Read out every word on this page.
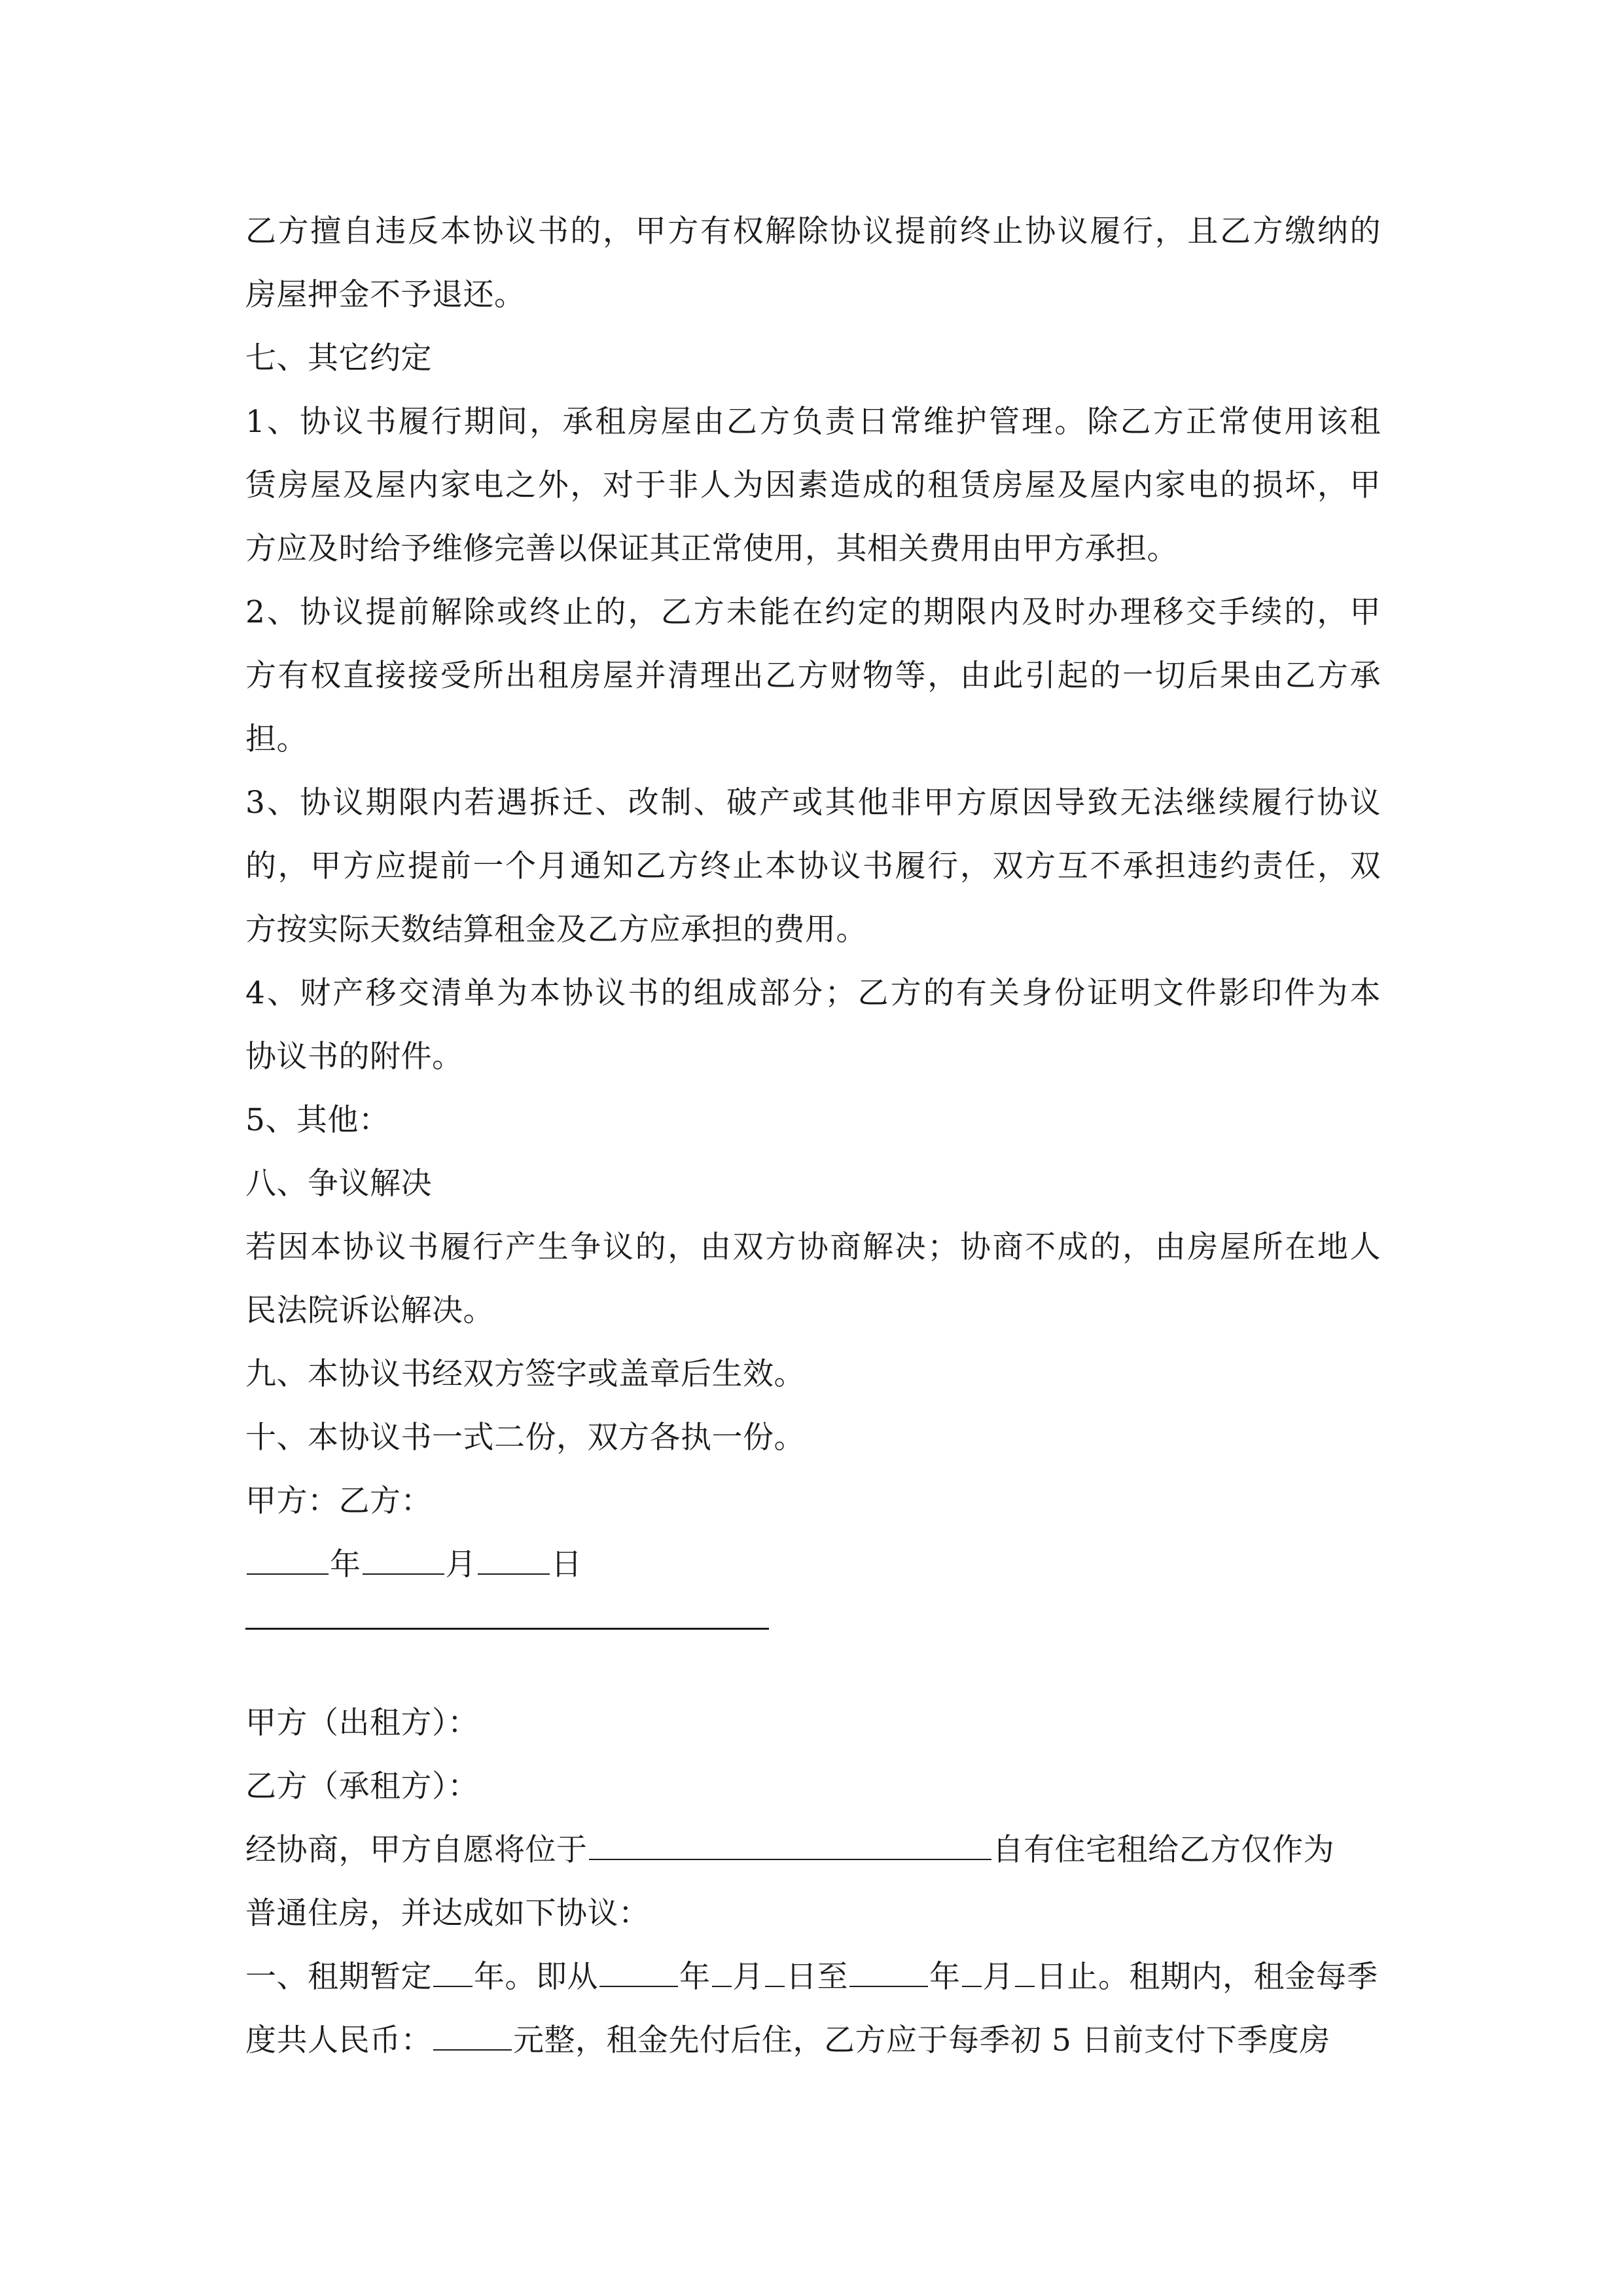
乙方擅自违反本协议书的，甲方有权解除协议提前终止协议履行，且乙方缴纳的
房屋押金不予退还。
七、其它约定
1、协议书履行期间，承租房屋由乙方负责日常维护管理。除乙方正常使用该租
赁房屋及屋内家电之外，对于非人为因素造成的租赁房屋及屋内家电的损坏，甲
方应及时给予维修完善以保证其正常使用，其相关费用由甲方承担。
2、协议提前解除或终止的，乙方未能在约定的期限内及时办理移交手续的，甲
方有权直接接受所出租房屋并清理出乙方财物等，由此引起的一切后果由乙方承
担。
3、协议期限内若遇拆迁、改制、破产或其他非甲方原因导致无法继续履行协议
的，甲方应提前一个月通知乙方终止本协议书履行，双方互不承担违约责任，双
方按实际天数结算租金及乙方应承担的费用。
4、财产移交清单为本协议书的组成部分；乙方的有关身份证明文件影印件为本
协议书的附件。
5、其他：
八、争议解决
若因本协议书履行产生争议的，由双方协商解决；协商不成的，由房屋所在地人
民法院诉讼解决。
九、本协议书经双方签字或盖章后生效。
十、本协议书一式二份，双方各执一份。
甲方：乙方：
年	月 日
甲方（出租方）：
乙方（承租方）：
经协商，甲方自愿将位于	自有住宅租给乙方仅作为
普通住房，并达成如下协议：
一、租期暂定 年。即从	年 月 日至	年 月 日止。租期内，租金每季
度共人民币：	元整，租金先付后住，乙方应于每季初 5 日前支付下季度房
